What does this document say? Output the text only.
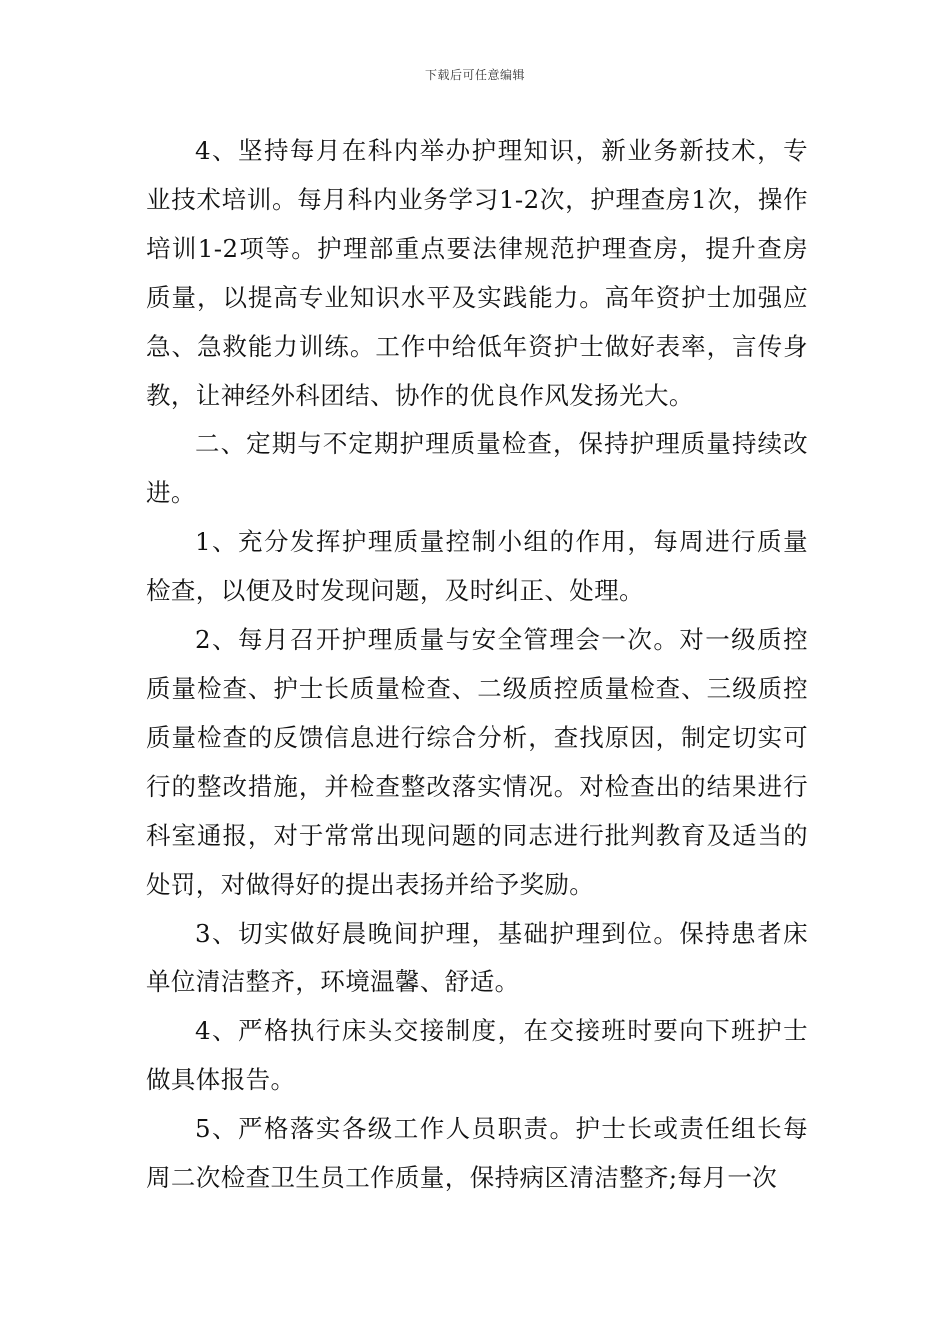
下载后可任意编辑

4、坚持每月在科内举办护理知识，新业务新技术，专业技术培训。每月科内业务学习1-2次，护理查房1次，操作培训1-2项等。护理部重点要法律规范护理查房，提升查房质量，以提高专业知识水平及实践能力。高年资护士加强应急、急救能力训练。工作中给低年资护士做好表率，言传身教，让神经外科团结、协作的优良作风发扬光大。

二、定期与不定期护理质量检查，保持护理质量持续改进。

1、充分发挥护理质量控制小组的作用，每周进行质量检查，以便及时发现问题，及时纠正、处理。

2、每月召开护理质量与安全管理会一次。对一级质控质量检查、护士长质量检查、二级质控质量检查、三级质控质量检查的反馈信息进行综合分析，查找原因，制定切实可行的整改措施，并检查整改落实情况。对检查出的结果进行科室通报，对于常常出现问题的同志进行批判教育及适当的处罚，对做得好的提出表扬并给予奖励。

3、切实做好晨晚间护理，基础护理到位。保持患者床单位清洁整齐，环境温馨、舒适。

4、严格执行床头交接制度，在交接班时要向下班护士做具体报告。

5、严格落实各级工作人员职责。护士长或责任组长每周二次检查卫生员工作质量，保持病区清洁整齐;每月一次
